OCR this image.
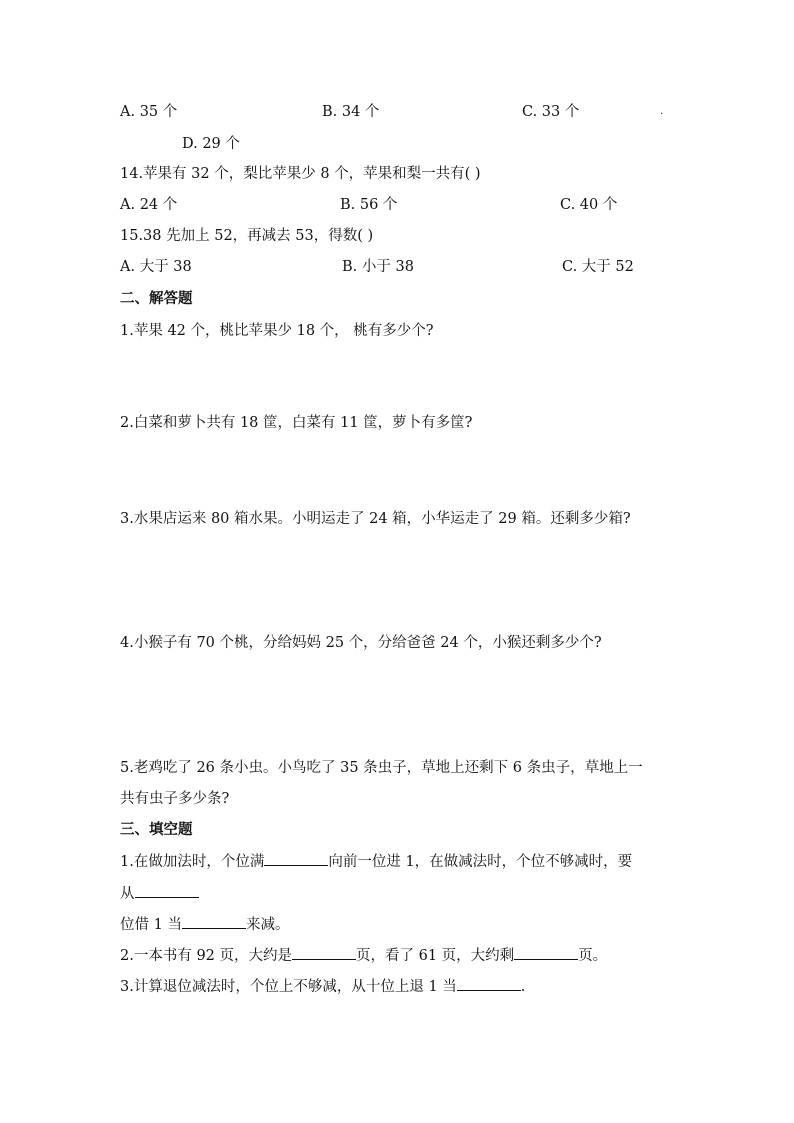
A. 35 个	B. 34 个	C. 33 个	.
D. 29 个
14.苹果有 32 个，梨比苹果少 8 个，苹果和梨一共有( )
A. 24 个	B. 56 个	C. 40 个
15.38 先加上 52，再减去 53，得数( )
A. 大于 38	B. 小于 38	C. 大于 52
二、解答题
1.苹果 42 个，桃比苹果少 18 个， 桃有多少个?
2.白菜和萝卜共有 18 筐，白菜有 11 筐，萝卜有多筐?
3.水果店运来 80 箱水果。小明运走了 24 箱，小华运走了 29 箱。还剩多少箱?
4.小猴子有 70 个桃，分给妈妈 25 个，分给爸爸 24 个，小猴还剩多少个?
5.老鸡吃了 26 条小虫。小鸟吃了 35 条虫子，草地上还剩下 6 条虫子，草地上一
共有虫子多少条?
三、填空题
1.在做加法时，个位满	向前一位进 1，在做减法时，个位不够减时，要
从
位借 1 当	来减。
2.一本书有 92 页，大约是	页，看了 61 页，大约剩	页。
3.计算退位减法时，个位上不够减，从十位上退 1 当	.
